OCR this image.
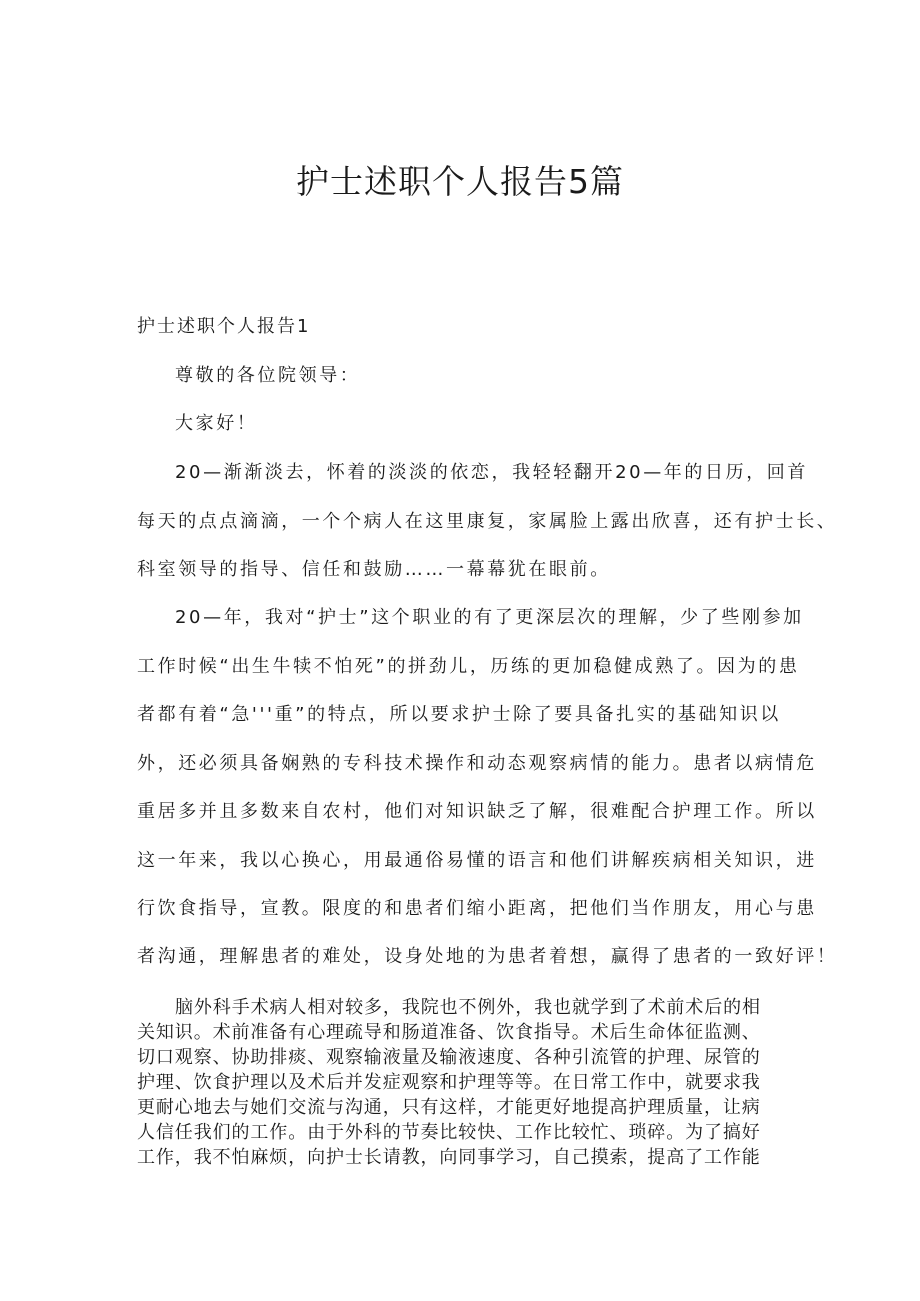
护士述职个人报告5篇

护士述职个人报告1

尊敬的各位院领导：

大家好！

20—渐渐淡去，怀着的淡淡的依恋，我轻轻翻开20—年的日历，回首

每天的点点滴滴，一个个病人在这里康复，家属脸上露出欣喜，还有护士长、

科室领导的指导、信任和鼓励……一幕幕犹在眼前。

20—年，我对“护士”这个职业的有了更深层次的理解，少了些刚参加

工作时候“出生牛犊不怕死”的拼劲儿，历练的更加稳健成熟了。因为的患

者都有着“急'''重”的特点，所以要求护士除了要具备扎实的基础知识以

外，还必须具备娴熟的专科技术操作和动态观察病情的能力。患者以病情危

重居多并且多数来自农村，他们对知识缺乏了解，很难配合护理工作。所以

这一年来，我以心换心，用最通俗易懂的语言和他们讲解疾病相关知识，进

行饮食指导，宣教。限度的和患者们缩小距离，把他们当作朋友，用心与患

者沟通，理解患者的难处，设身处地的为患者着想，赢得了患者的一致好评！

脑外科手术病人相对较多，我院也不例外，我也就学到了术前术后的相

关知识。术前准备有心理疏导和肠道准备、饮食指导。术后生命体征监测、

切口观察、协助排痰、观察输液量及输液速度、各种引流管的护理、尿管的

护理、饮食护理以及术后并发症观察和护理等等。在日常工作中，就要求我

更耐心地去与她们交流与沟通，只有这样，才能更好地提高护理质量，让病

人信任我们的工作。由于外科的节奏比较快、工作比较忙、琐碎。为了搞好

工作，我不怕麻烦，向护士长请教，向同事学习，自己摸索，提高了工作能
